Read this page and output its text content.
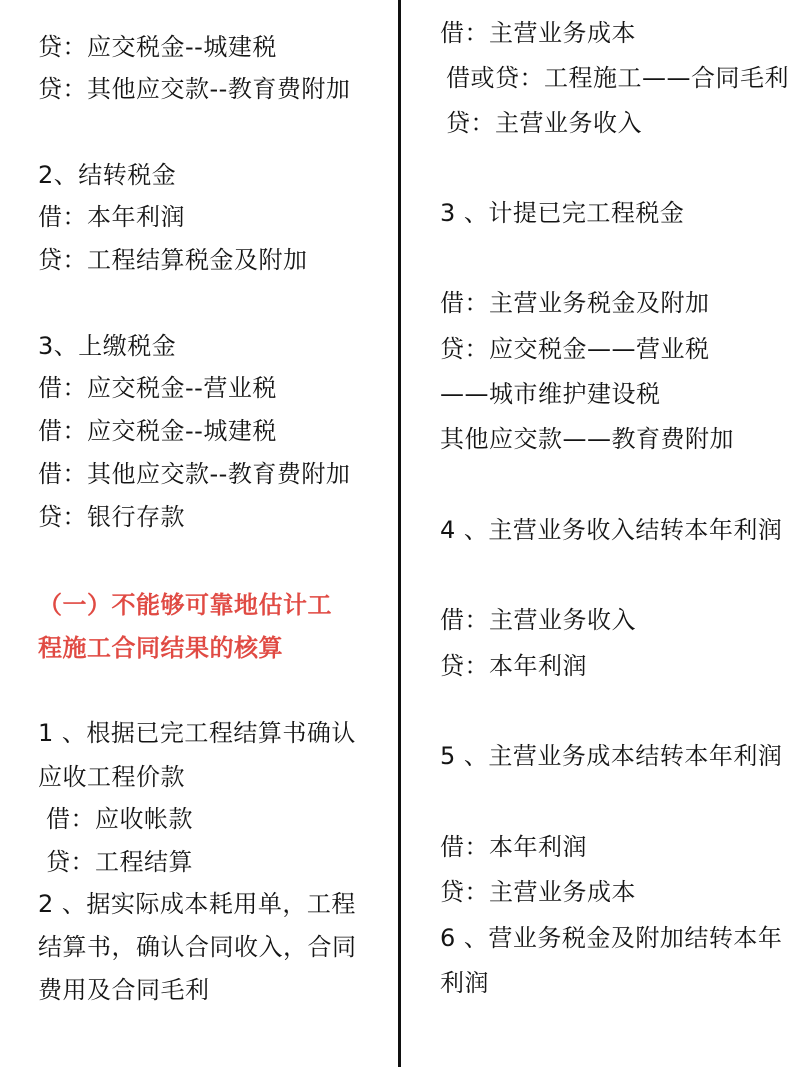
贷：应交税金--城建税
贷：其他应交款--教育费附加
2、结转税金
借：本年利润
贷：工程结算税金及附加
3、上缴税金
借：应交税金--营业税
借：应交税金--城建税
借：其他应交款--教育费附加
贷：银行存款
（一）不能够可靠地估计工
程施工合同结果的核算
1 、根据已完工程结算书确认
应收工程价款
借：应收帐款
贷：工程结算
2 、据实际成本耗用单，工程
结算书，确认合同收入，合同
费用及合同毛利
借：主营业务成本
借或贷：工程施工——合同毛利
贷：主营业务收入
3 、计提已完工程税金
借：主营业务税金及附加
贷：应交税金——营业税
——城市维护建设税
其他应交款——教育费附加
4 、主营业务收入结转本年利润
借：主营业务收入
贷：本年利润
5 、主营业务成本结转本年利润
借：本年利润
贷：主营业务成本
6 、营业务税金及附加结转本年
利润
